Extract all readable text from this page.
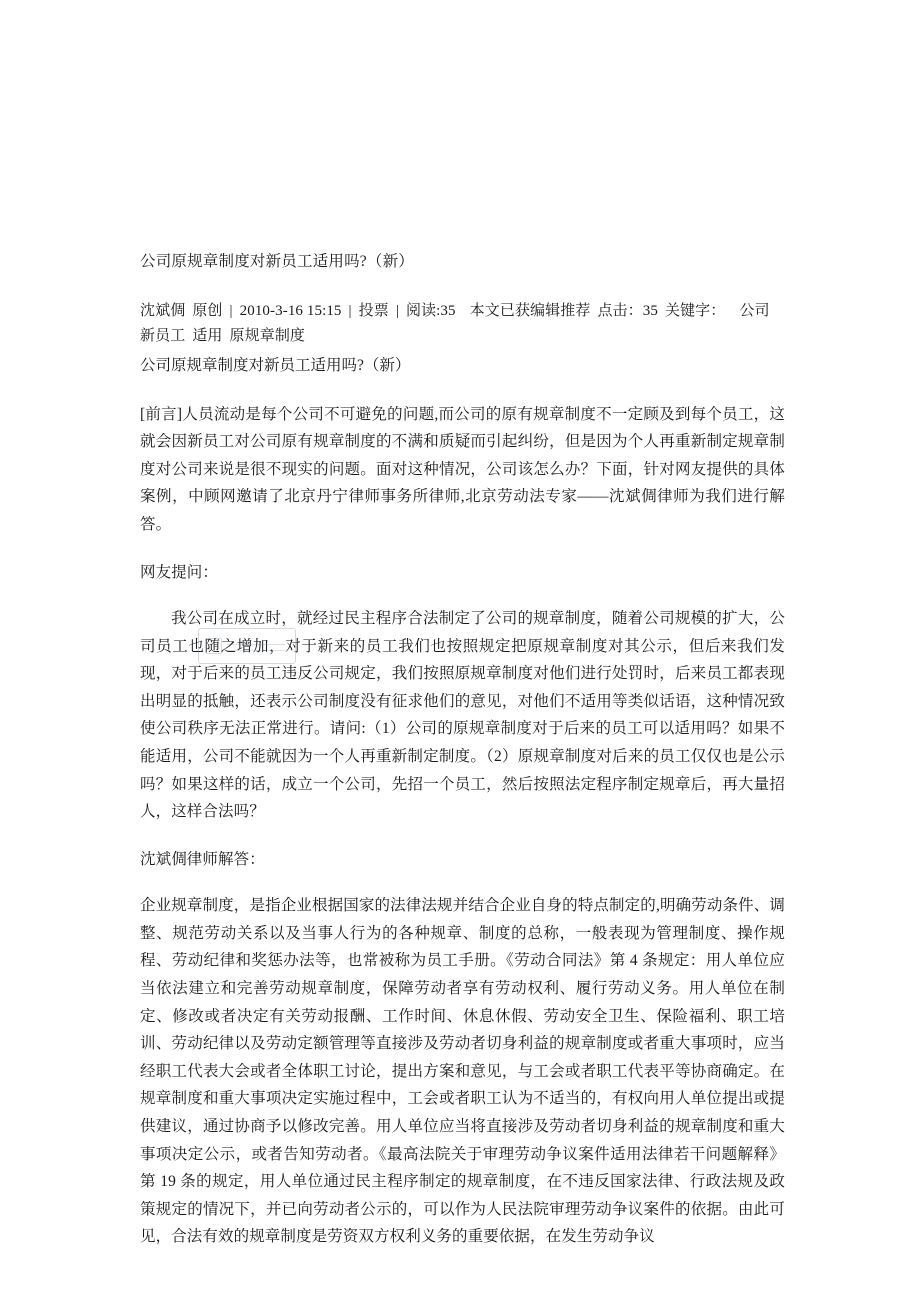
公司原规章制度对新员工适用吗?（新）
沈斌倜 原创 | 2010-3-16 15:15 | 投票 | 阅读:35 本文已获编辑推荐 点击：35 关键字： 公司新员工 适用 原规章制度
公司原规章制度对新员工适用吗?（新）

[前言]人员流动是每个公司不可避免的问题,而公司的原有规章制度不一定顾及到每个员工，这就会因新员工对公司原有规章制度的不满和质疑而引起纠纷，但是因为个人再重新制定规章制度对公司来说是很不现实的问题。面对这种情况，公司该怎么办？下面，针对网友提供的具体案例，中顾网邀请了北京丹宁律师事务所律师,北京劳动法专家——沈斌倜律师为我们进行解答。

网友提问：

我公司在成立时，就经过民主程序合法制定了公司的规章制度，随着公司规模的扩大，公司员工也随之增加，对于新来的员工我们也按照规定把原规章制度对其公示，但后来我们发现，对于后来的员工违反公司规定，我们按照原规章制度对他们进行处罚时，后来员工都表现出明显的抵触，还表示公司制度没有征求他们的意见，对他们不适用等类似话语，这种情况致使公司秩序无法正常进行。请问:（1）公司的原规章制度对于后来的员工可以适用吗？如果不能适用，公司不能就因为一个人再重新制定制度。（2）原规章制度对后来的员工仅仅也是公示吗？如果这样的话，成立一个公司，先招一个员工，然后按照法定程序制定规章后，再大量招人，这样合法吗？

沈斌倜律师解答：

企业规章制度，是指企业根据国家的法律法规并结合企业自身的特点制定的,明确劳动条件、调整、规范劳动关系以及当事人行为的各种规章、制度的总称，一般表现为管理制度、操作规程、劳动纪律和奖惩办法等，也常被称为员工手册。《劳动合同法》第 4 条规定：用人单位应当依法建立和完善劳动规章制度，保障劳动者享有劳动权利、履行劳动义务。用人单位在制定、修改或者决定有关劳动报酬、工作时间、休息休假、劳动安全卫生、保险福利、职工培训、劳动纪律以及劳动定额管理等直接涉及劳动者切身利益的规章制度或者重大事项时，应当经职工代表大会或者全体职工讨论，提出方案和意见，与工会或者职工代表平等协商确定。在规章制度和重大事项决定实施过程中，工会或者职工认为不适当的，有权向用人单位提出或提供建议，通过协商予以修改完善。用人单位应当将直接涉及劳动者切身利益的规章制度和重大事项决定公示，或者告知劳动者。《最高法院关于审理劳动争议案件适用法律若干问题解释》第 19 条的规定，用人单位通过民主程序制定的规章制度，在不违反国家法律、行政法规及政策规定的情况下，并已向劳动者公示的，可以作为人民法院审理劳动争议案件的依据。由此可见，合法有效的规章制度是劳资双方权利义务的重要依据，在发生劳动争议
